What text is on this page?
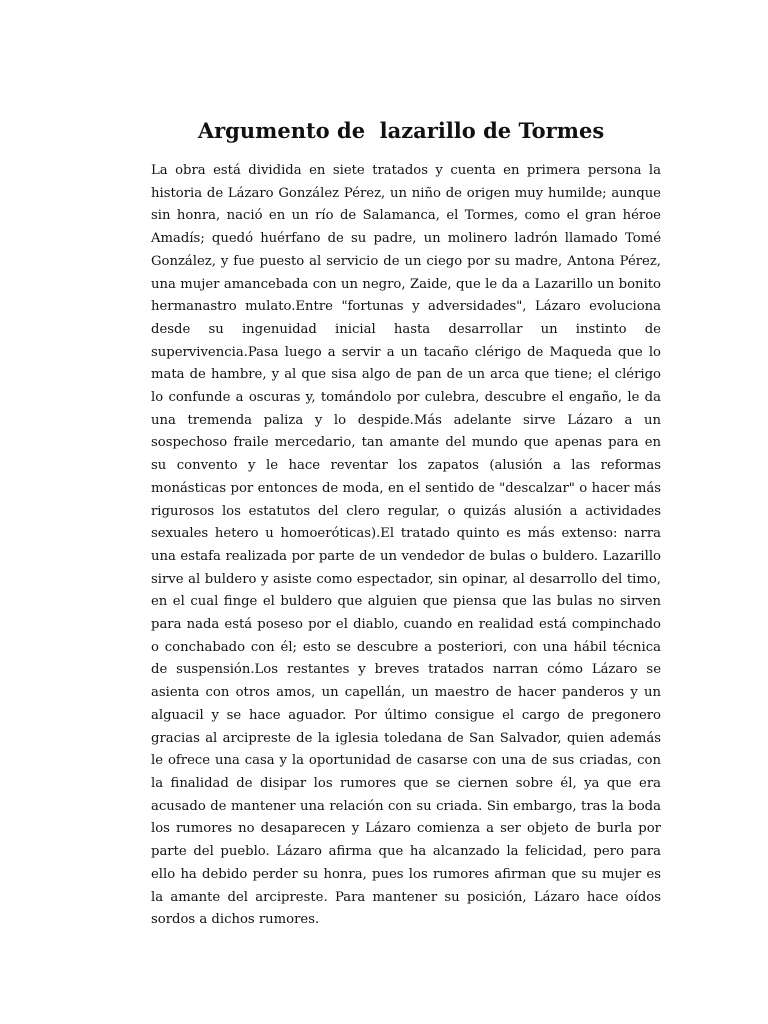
Argumento de  lazarillo de Tormes

La obra está dividida en siete tratados y cuenta en primera persona la historia de Lázaro González Pérez, un niño de origen muy humilde; aunque sin honra, nació en un río de Salamanca, el Tormes, como el gran héroe Amadís; quedó huérfano de su padre, un molinero ladrón llamado Tomé González, y fue puesto al servicio de un ciego por su madre, Antona Pérez, una mujer amancebada con un negro, Zaide, que le da a Lazarillo un bonito hermanastro mulato.Entre "fortunas y adversidades", Lázaro evoluciona desde su ingenuidad inicial hasta desarrollar un instinto de supervivencia.Pasa luego a servir a un tacaño clérigo de Maqueda que lo mata de hambre, y al que sisa algo de pan de un arca que tiene; el clérigo lo confunde a oscuras y, tomándolo por culebra, descubre el engaño, le da una tremenda paliza y lo despide.Más adelante sirve Lázaro a un sospechoso fraile mercedario, tan amante del mundo que apenas para en su convento y le hace reventar los zapatos (alusión a las reformas monásticas por entonces de moda, en el sentido de "descalzar" o hacer más rigurosos los estatutos del clero regular, o quizás alusión a actividades sexuales hetero u homoeróticas).El tratado quinto es más extenso: narra una estafa realizada por parte de un vendedor de bulas o buldero. Lazarillo sirve al buldero y asiste como espectador, sin opinar, al desarrollo del timo, en el cual finge el buldero que alguien que piensa que las bulas no sirven para nada está poseso por el diablo, cuando en realidad está compinchado o conchabado con él; esto se descubre a posteriori, con una hábil técnica de suspensión.Los restantes y breves tratados narran cómo Lázaro se asienta con otros amos, un capellán, un maestro de hacer panderos y un alguacil y se hace aguador. Por último consigue el cargo de pregonero gracias al arcipreste de la iglesia toledana de San Salvador, quien además le ofrece una casa y la oportunidad de casarse con una de sus criadas, con la finalidad de disipar los rumores que se ciernen sobre él, ya que era acusado de mantener una relación con su criada. Sin embargo, tras la boda los rumores no desaparecen y Lázaro comienza a ser objeto de burla por parte del pueblo. Lázaro afirma que ha alcanzado la felicidad, pero para ello ha debido perder su honra, pues los rumores afirman que su mujer es la amante del arcipreste. Para mantener su posición, Lázaro hace oídos sordos a dichos rumores.
